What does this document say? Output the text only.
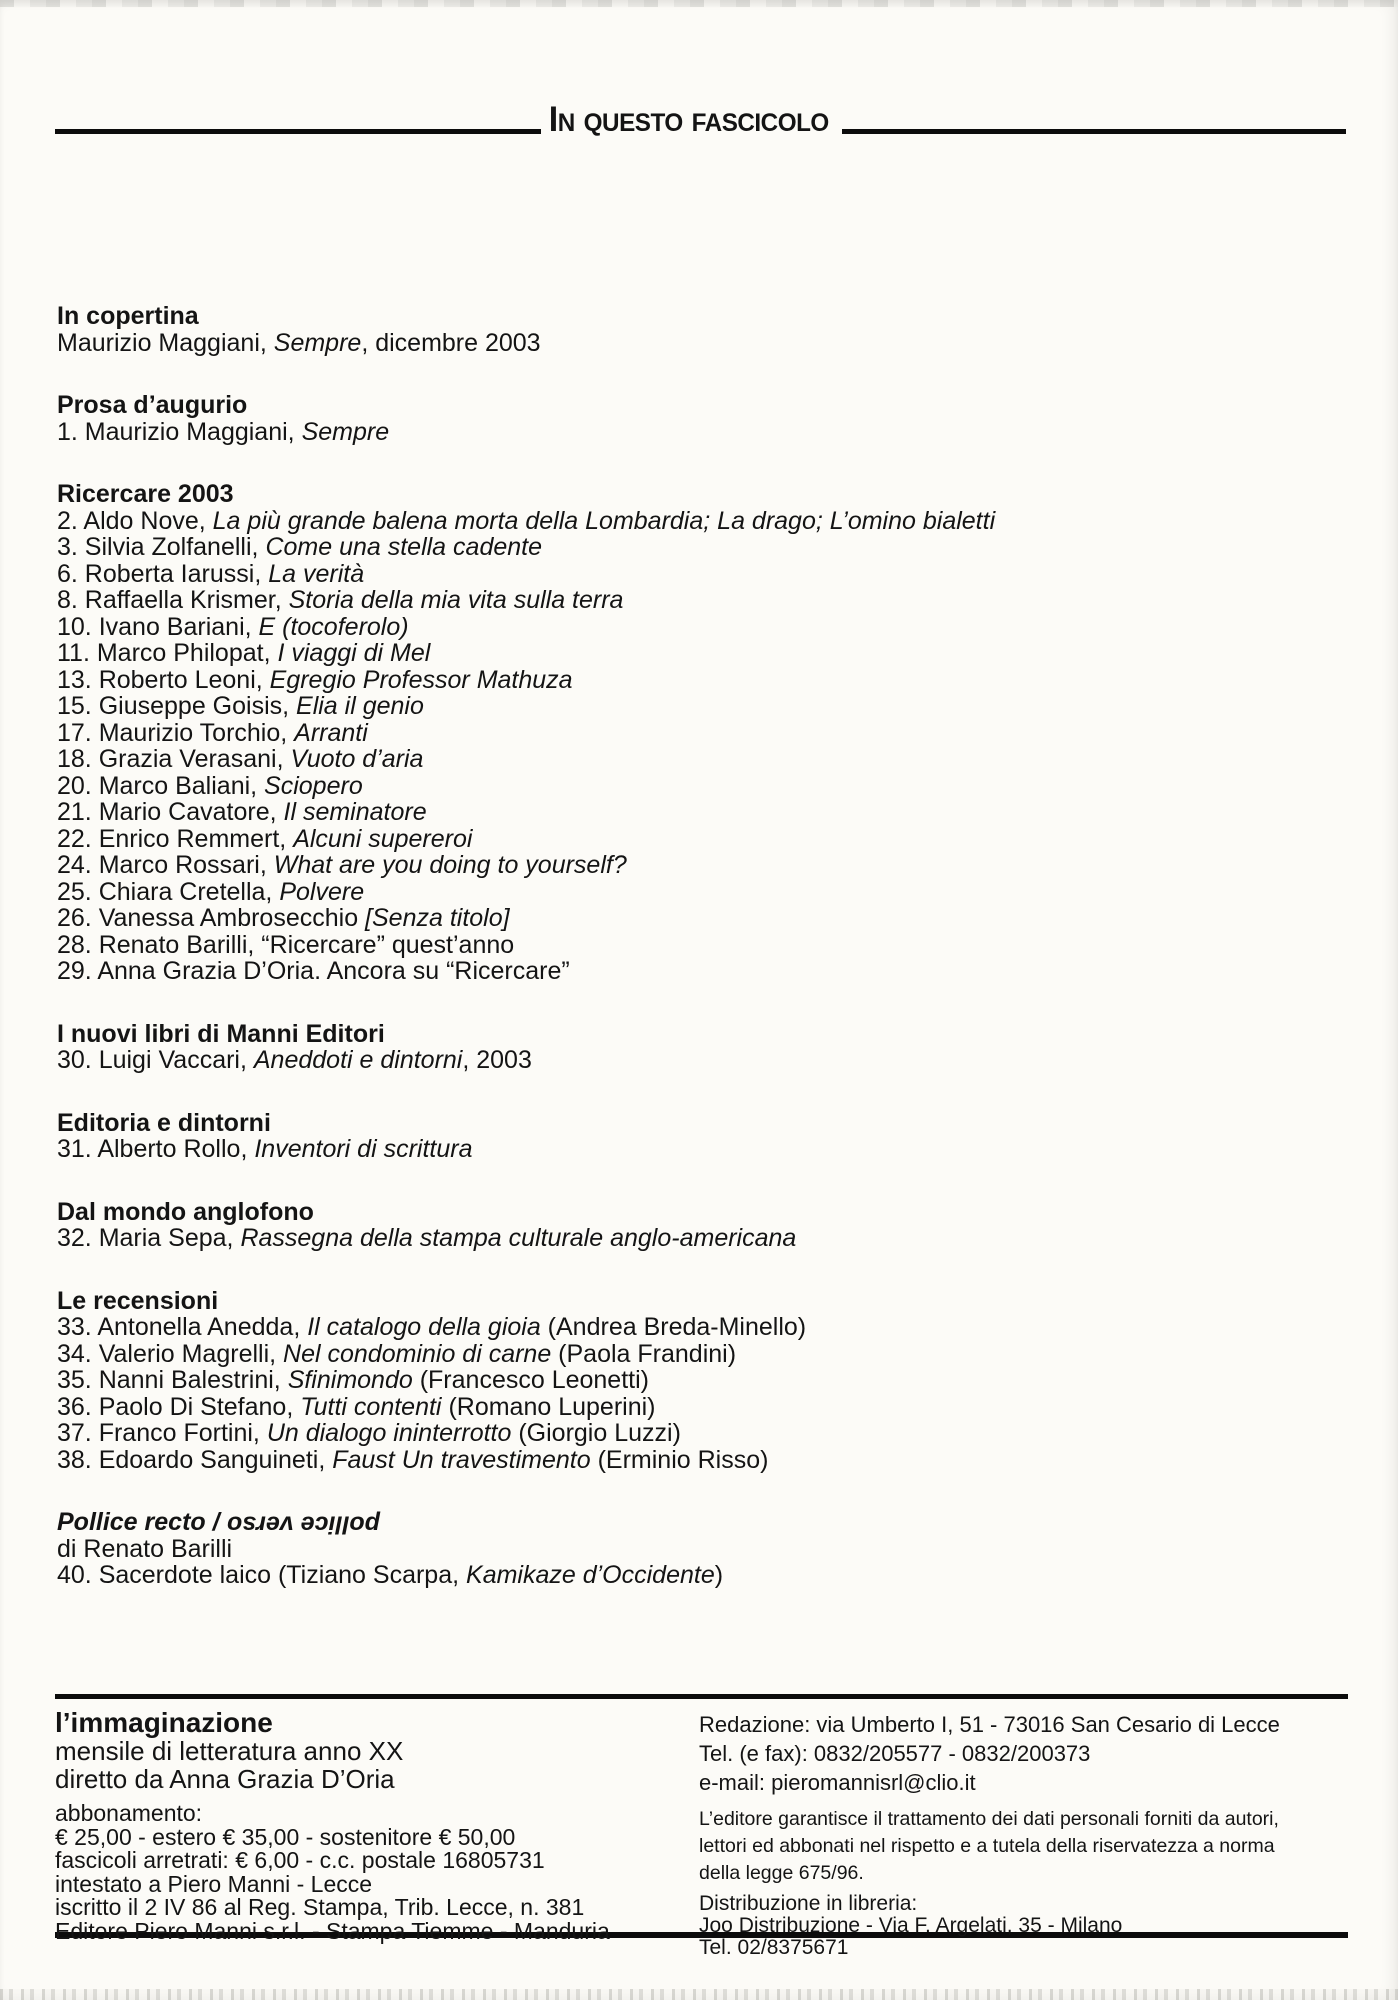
In questo fascicolo
In copertina

Maurizio Maggiani, Sempre, dicembre 2003

Prosa d’augurio

1. Maurizio Maggiani, Sempre

Ricercare 2003

2. Aldo Nove, La più grande balena morta della Lombardia; La drago; L’omino bialetti

3. Silvia Zolfanelli, Come una stella cadente

6. Roberta Iarussi, La verità

8. Raffaella Krismer, Storia della mia vita sulla terra

10. Ivano Bariani, E (tocoferolo)

11. Marco Philopat, I viaggi di Mel

13. Roberto Leoni, Egregio Professor Mathuza

15. Giuseppe Goisis, Elia il genio

17. Maurizio Torchio, Arranti

18. Grazia Verasani, Vuoto d’aria

20. Marco Baliani, Sciopero

21. Mario Cavatore, Il seminatore

22. Enrico Remmert, Alcuni supereroi

24. Marco Rossari, What are you doing to yourself?

25. Chiara Cretella, Polvere

26. Vanessa Ambrosecchio [Senza titolo]

28. Renato Barilli, “Ricercare” quest’anno

29. Anna Grazia D’Oria. Ancora su “Ricercare”

I nuovi libri di Manni Editori

30. Luigi Vaccari, Aneddoti e dintorni, 2003

Editoria e dintorni

31. Alberto Rollo, Inventori di scrittura

Dal mondo anglofono

32. Maria Sepa, Rassegna della stampa culturale anglo-americana

Le recensioni

33. Antonella Anedda, Il catalogo della gioia (Andrea Breda-Minello)

34. Valerio Magrelli, Nel condominio di carne (Paola Frandini)

35. Nanni Balestrini, Sfinimondo (Francesco Leonetti)

36. Paolo Di Stefano, Tutti contenti (Romano Luperini)

37. Franco Fortini, Un dialogo ininterrotto (Giorgio Luzzi)

38. Edoardo Sanguineti, Faust Un travestimento (Erminio Risso)

Pollice recto / pollice verso

di Renato Barilli

40. Sacerdote laico (Tiziano Scarpa, Kamikaze d’Occidente)

l’immaginazione
mensile di letteratura anno XX
diretto da Anna Grazia D’Oria

abbonamento:

€ 25,00 - estero € 35,00 - sostenitore € 50,00

fascicoli arretrati: € 6,00 - c.c. postale 16805731

intestato a Piero Manni - Lecce

iscritto il 2 IV 86 al Reg. Stampa, Trib. Lecce, n. 381

Editore Piero Manni s.r.l. - Stampa Tiemme - Manduria

Redazione: via Umberto I, 51 - 73016 San Cesario di Lecce

Tel. (e fax): 0832/205577 - 0832/200373

e-mail: pieromannisrl@clio.it

L’editore garantisce il trattamento dei dati personali forniti da autori, lettori ed abbonati nel rispetto e a tutela della riservatezza a norma della legge 675/96.

Distribuzione in libreria:

Joo Distribuzione - Via F. Argelati, 35 - Milano

Tel. 02/8375671
